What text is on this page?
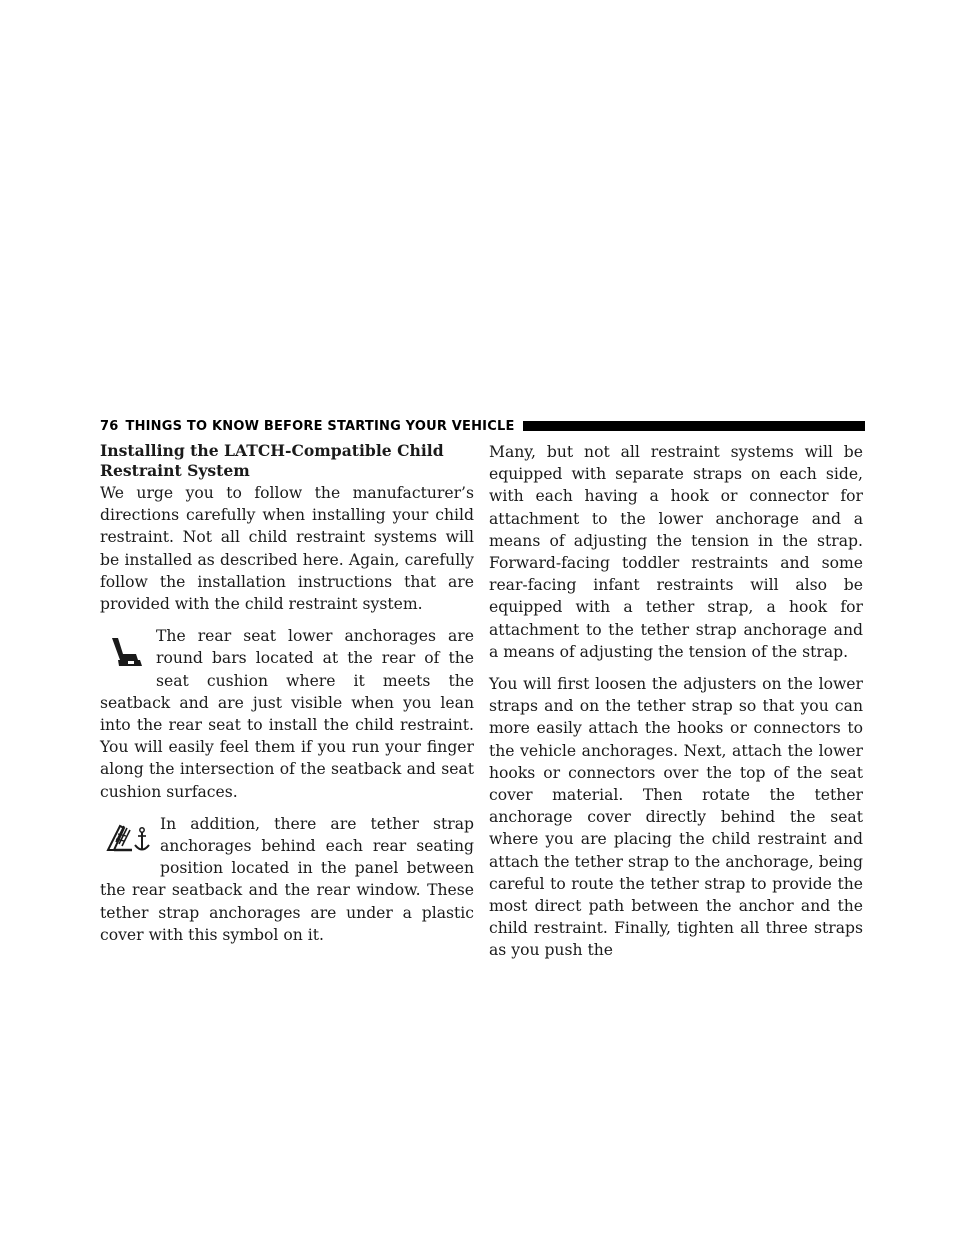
76 THINGS TO KNOW BEFORE STARTING YOUR VEHICLE
Installing the LATCH-Compatible Child Restraint System

We urge you to follow the manufacturer’s directions carefully when installing your child restraint. Not all child restraint systems will be installed as described here. Again, carefully follow the installation instructions that are provided with the child restraint system.

The rear seat lower anchorages are round bars located at the rear of the seat cushion where it meets the seatback and are just visible when you lean into the rear seat to install the child restraint. You will easily feel them if you run your finger along the intersection of the seatback and seat cushion surfaces.

In addition, there are tether strap anchorages behind each rear seating position located in the panel between the rear seatback and the rear window. These tether strap anchorages are under a plastic cover with this symbol on it.

Many, but not all restraint systems will be equipped with separate straps on each side, with each having a hook or connector for attachment to the lower anchorage and a means of adjusting the tension in the strap. Forward-facing toddler restraints and some rear-facing infant restraints will also be equipped with a tether strap, a hook for attachment to the tether strap anchorage and a means of adjusting the tension of the strap.

You will first loosen the adjusters on the lower straps and on the tether strap so that you can more easily attach the hooks or connectors to the vehicle anchorages. Next, attach the lower hooks or connectors over the top of the seat cover material. Then rotate the tether anchorage cover directly behind the seat where you are placing the child restraint and attach the tether strap to the anchorage, being careful to route the tether strap to provide the most direct path between the anchor and the child restraint. Finally, tighten all three straps as you push the
